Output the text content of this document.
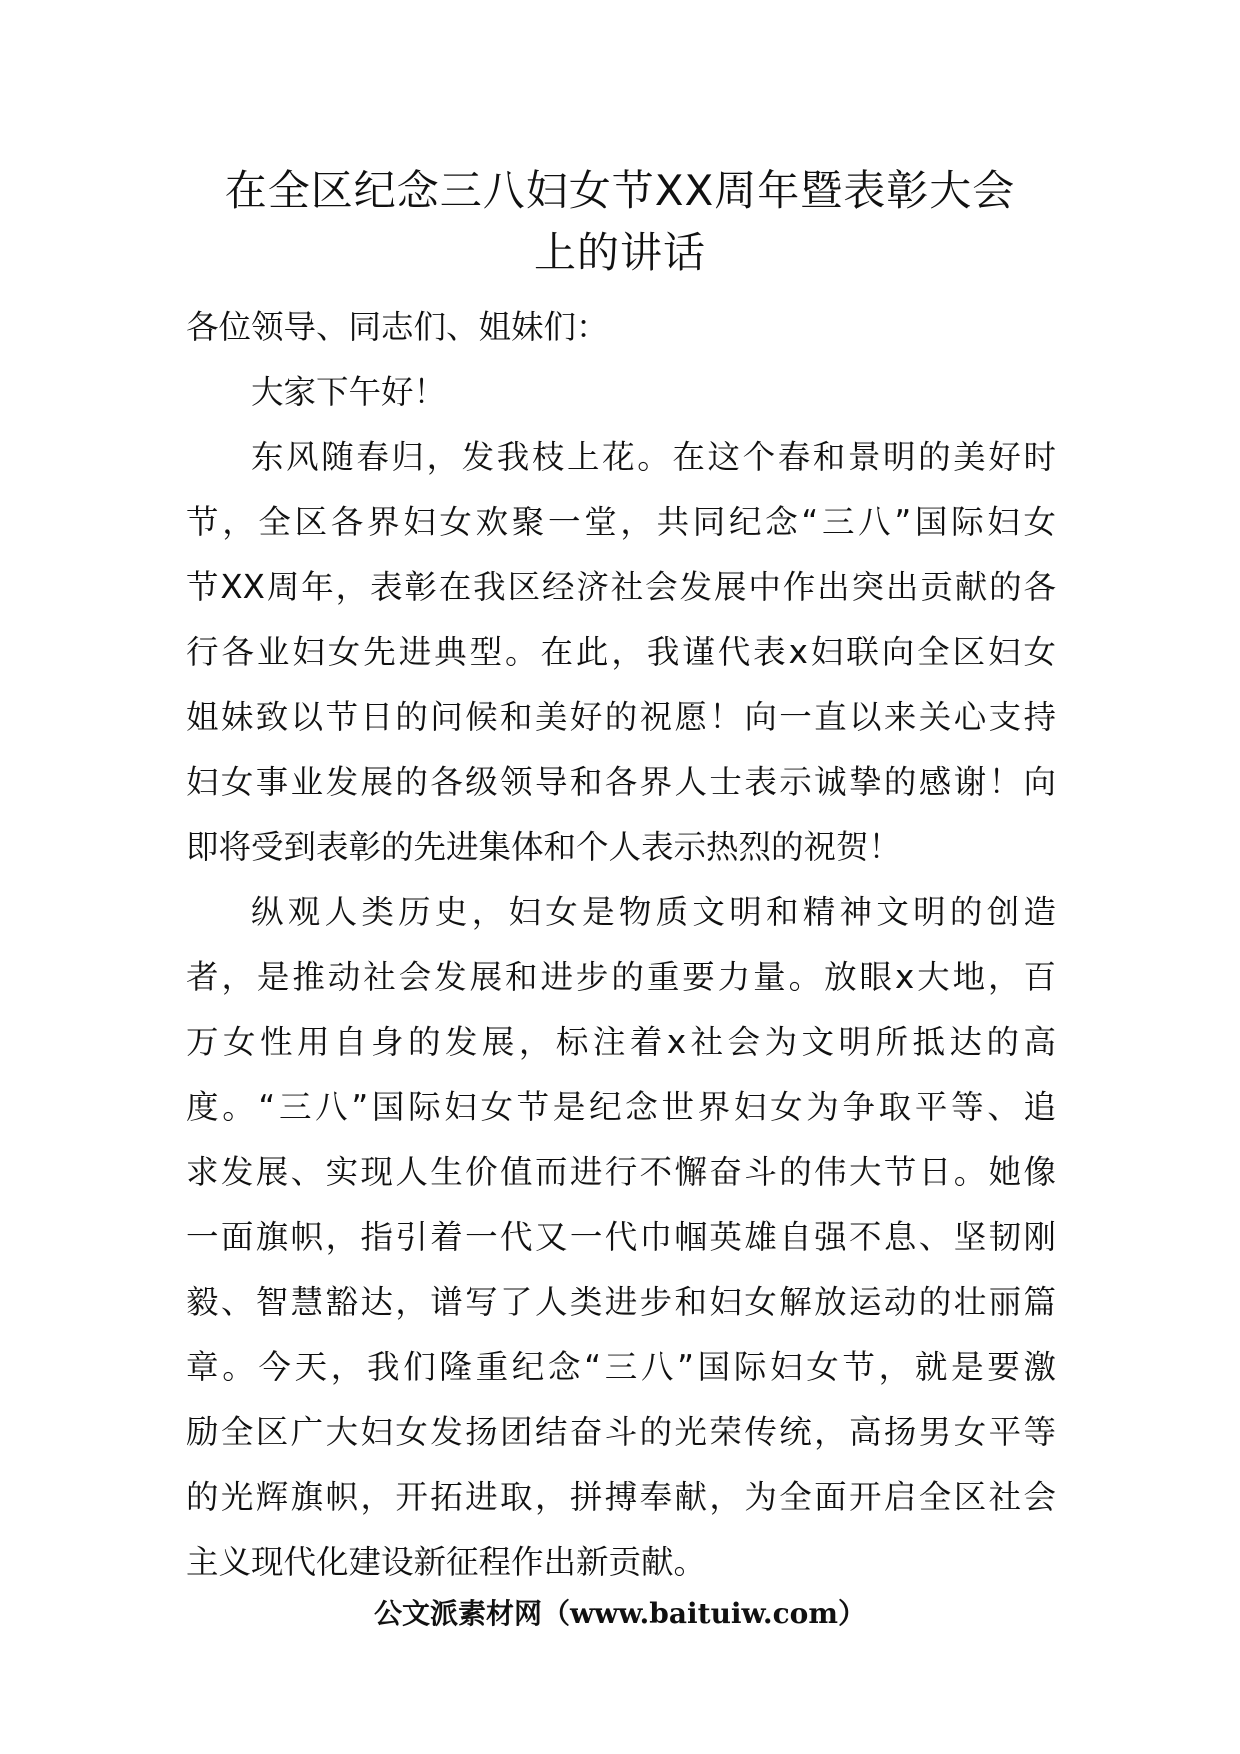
在全区纪念三八妇女节XX周年暨表彰大会
上的讲话
各位领导、同志们、姐妹们：
大家下午好！
东风随春归，发我枝上花。在这个春和景明的美好时
节，全区各界妇女欢聚一堂，共同纪念“三八”国际妇女
节XX周年，表彰在我区经济社会发展中作出突出贡献的各
行各业妇女先进典型。在此，我谨代表x妇联向全区妇女
姐妹致以节日的问候和美好的祝愿！向一直以来关心支持
妇女事业发展的各级领导和各界人士表示诚挚的感谢！向
即将受到表彰的先进集体和个人表示热烈的祝贺！
纵观人类历史，妇女是物质文明和精神文明的创造
者，是推动社会发展和进步的重要力量。放眼x大地，百
万女性用自身的发展，标注着x社会为文明所抵达的高
度。“三八”国际妇女节是纪念世界妇女为争取平等、追
求发展、实现人生价值而进行不懈奋斗的伟大节日。她像
一面旗帜，指引着一代又一代巾帼英雄自强不息、坚韧刚
毅、智慧豁达，谱写了人类进步和妇女解放运动的壮丽篇
章。今天，我们隆重纪念“三八”国际妇女节，就是要激
励全区广大妇女发扬团结奋斗的光荣传统，高扬男女平等
的光辉旗帜，开拓进取，拼搏奉献，为全面开启全区社会
主义现代化建设新征程作出新贡献。
公文派素材网（www.baituiw.com）
